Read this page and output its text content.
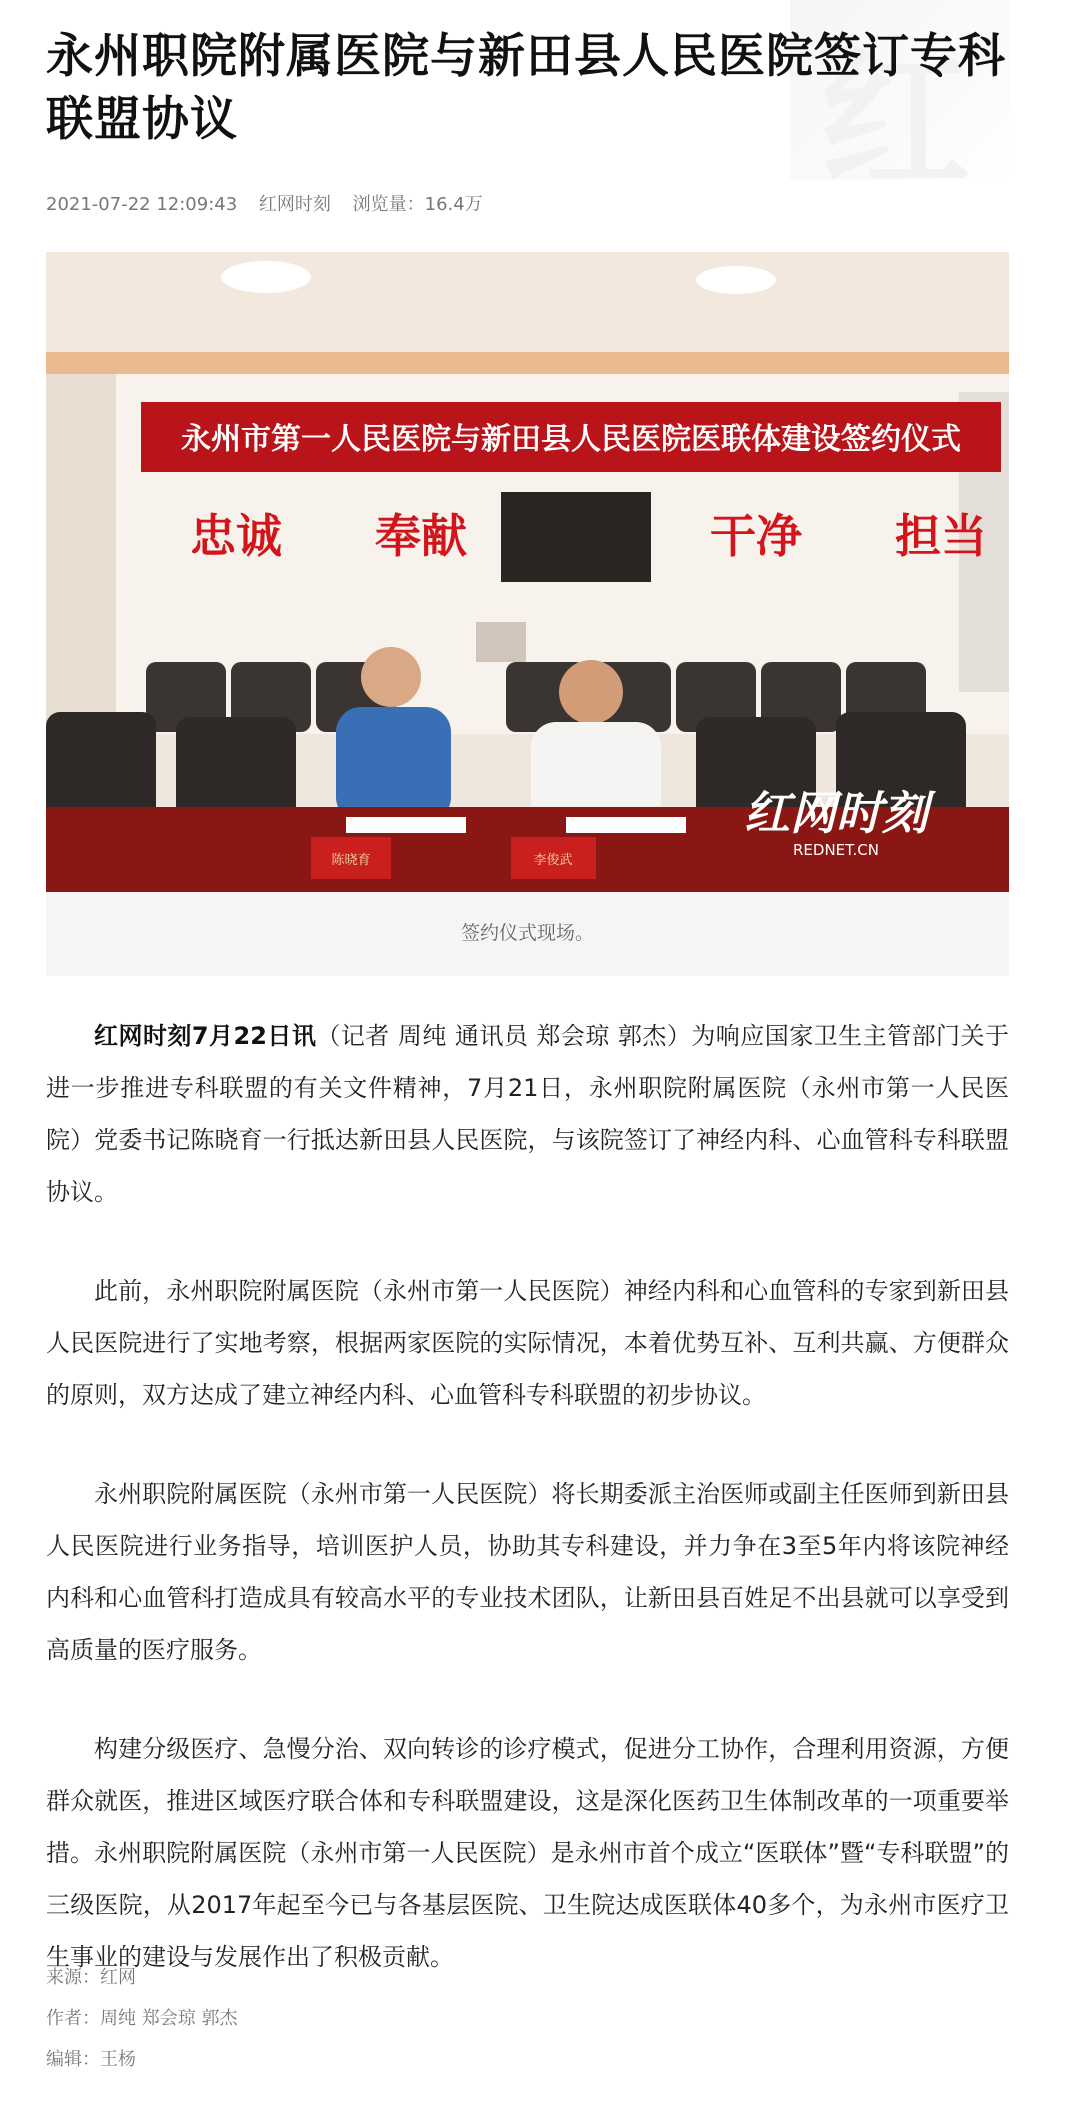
红
永州职院附属医院与新田县人民医院签订专科联盟协议
2021-07-22 12:09:43 红网时刻 浏览量：16.4万
永州市第一人民医院与新田县人民医院医联体建设签约仪式
忠诚 奉献	干净 担当
陈晓育	李俊武
红网时刻
REDNET.CN
签约仪式现场。

红网时刻7月22日讯（记者 周纯 通讯员 郑会琼 郭杰）为响应国家卫生主管部门关于进一步推进专科联盟的有关文件精神，7月21日，永州职院附属医院（永州市第一人民医院）党委书记陈晓育一行抵达新田县人民医院，与该院签订了神经内科、心血管科专科联盟协议。

此前，永州职院附属医院（永州市第一人民医院）神经内科和心血管科的专家到新田县人民医院进行了实地考察，根据两家医院的实际情况，本着优势互补、互利共赢、方便群众的原则，双方达成了建立神经内科、心血管科专科联盟的初步协议。

永州职院附属医院（永州市第一人民医院）将长期委派主治医师或副主任医师到新田县人民医院进行业务指导，培训医护人员，协助其专科建设，并力争在3至5年内将该院神经内科和心血管科打造成具有较高水平的专业技术团队，让新田县百姓足不出县就可以享受到高质量的医疗服务。

构建分级医疗、急慢分治、双向转诊的诊疗模式，促进分工协作，合理利用资源，方便群众就医，推进区域医疗联合体和专科联盟建设，这是深化医药卫生体制改革的一项重要举措。永州职院附属医院（永州市第一人民医院）是永州市首个成立“医联体”暨“专科联盟”的三级医院，从2017年起至今已与各基层医院、卫生院达成医联体40多个，为永州市医疗卫生事业的建设与发展作出了积极贡献。

来源：红网
作者：周纯 郑会琼 郭杰
编辑：王杨
